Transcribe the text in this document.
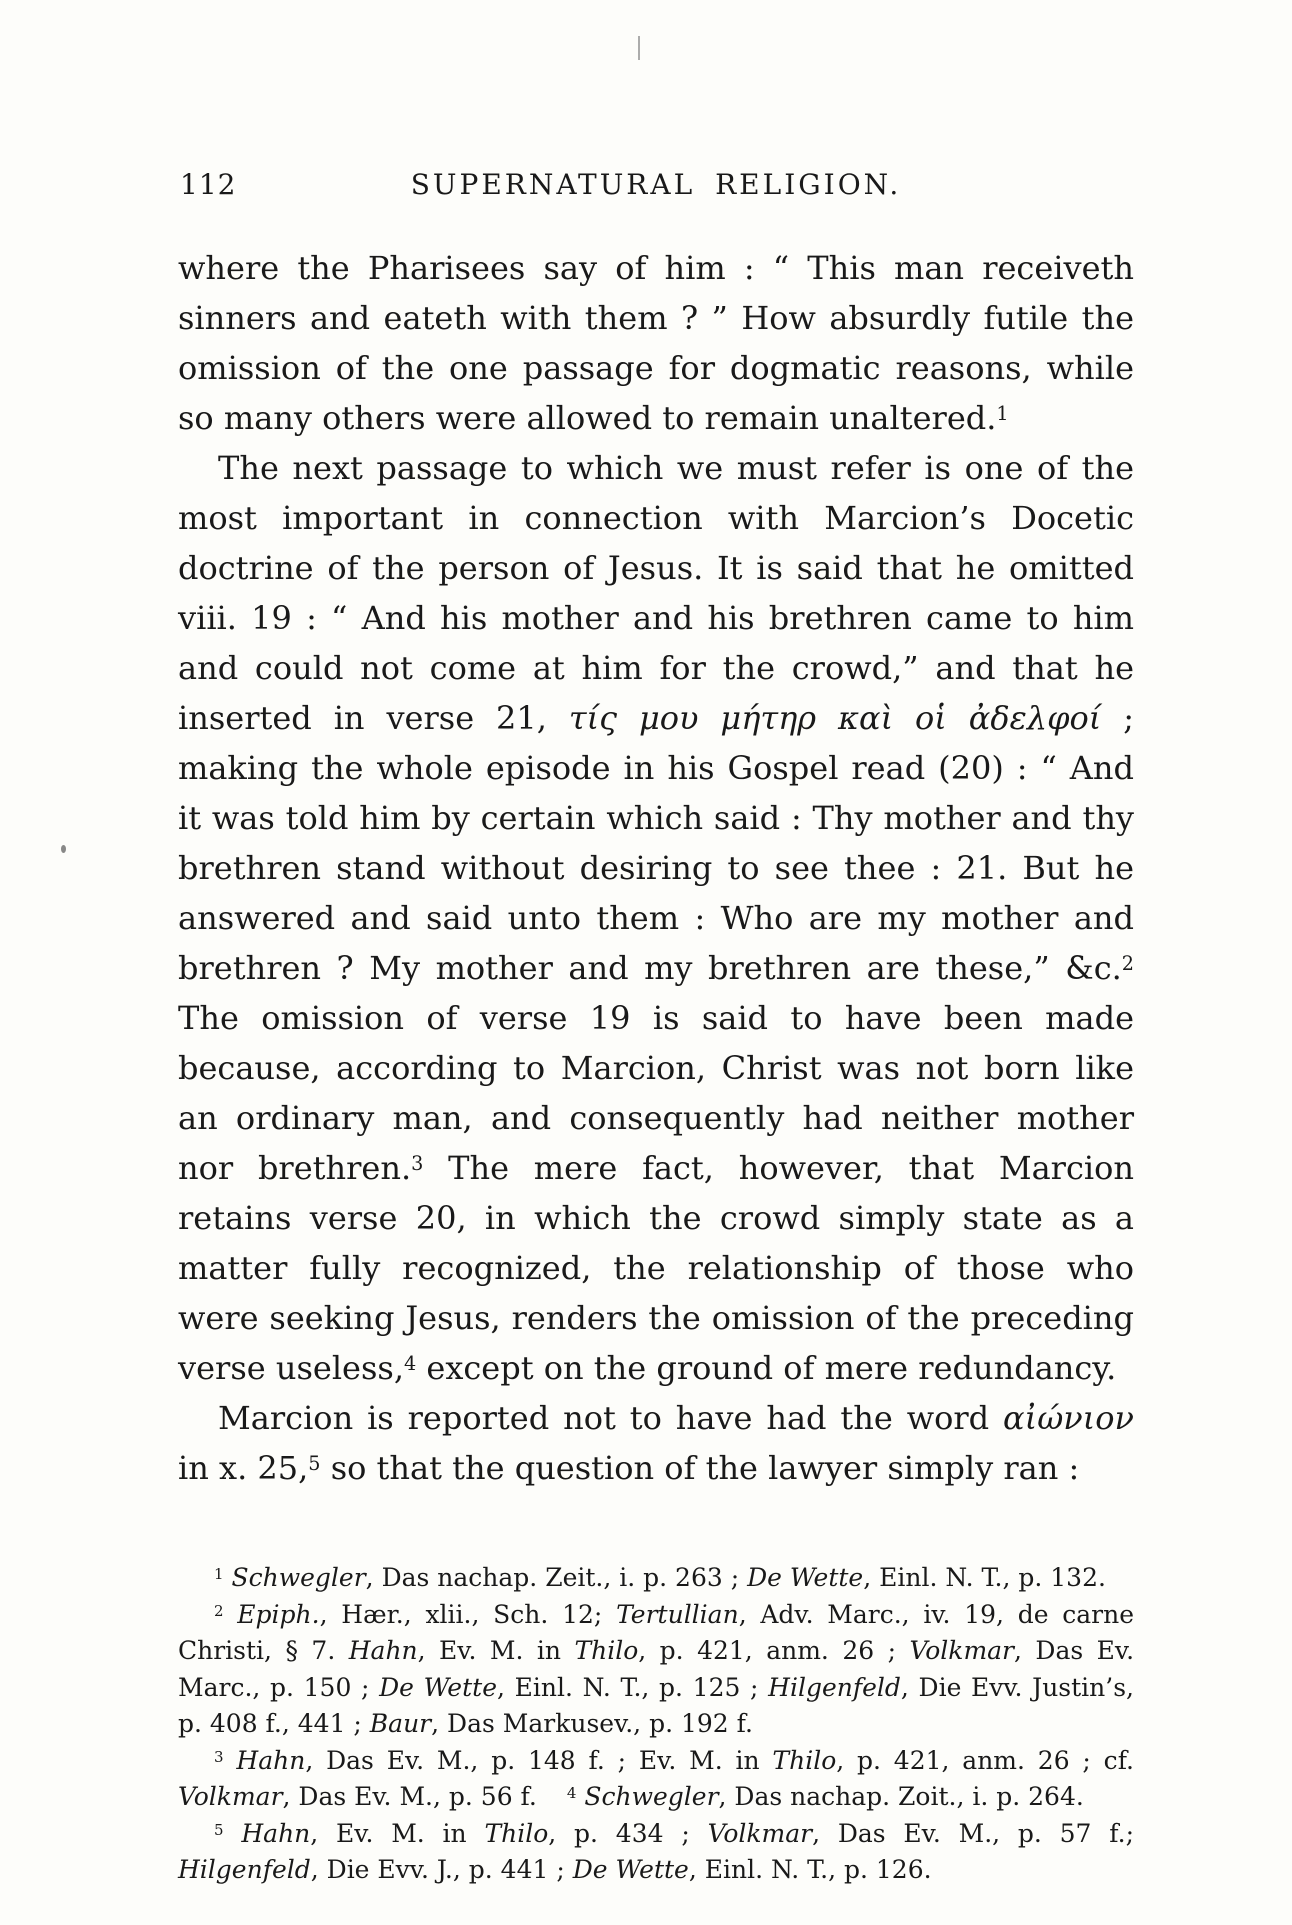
112	SUPERNATURAL RELIGION.

where the Pharisees say of him : “ This man receiveth sinners and eateth with them ? ” How absurdly futile the omission of the one passage for dogmatic reasons, while so many others were allowed to remain unaltered.$^1$

The next passage to which we must refer is one of the most important in connection with Marcion’s Docetic doctrine of the person of Jesus. It is said that he omitted viii. 19 : “ And his mother and his brethren came to him and could not come at him for the crowd,” and that he inserted in verse 21, τίς μου μήτηρ καὶ οἱ ἀδελφοί ; making the whole episode in his Gospel read (20) : “ And it was told him by certain which said : Thy mother and thy brethren stand without desiring to see thee : 21. But he answered and said unto them : Who are my mother and brethren ? My mother and my brethren are these,” &c.$^2$ The omission of verse 19 is said to have been made because, according to Marcion, Christ was not born like an ordinary man, and consequently had neither mother nor brethren.$^3$ The mere fact, however, that Marcion retains verse 20, in which the crowd simply state as a matter fully recognized, the relationship of those who were seeking Jesus, renders the omission of the preceding verse useless,$^4$ except on the ground of mere redundancy.

Marcion is reported not to have had the word αἰώνιον in x. 25,$^5$ so that the question of the lawyer simply ran :

$^1$ Schwegler, Das nachap. Zeit., i. p. 263 ; De Wette, Einl. N. T., p. 132.

$^2$ Epiph., Hær., xlii., Sch. 12; Tertullian, Adv. Marc., iv. 19, de carne Christi, § 7. Hahn, Ev. M. in Thilo, p. 421, anm. 26 ; Volkmar, Das Ev. Marc., p. 150 ; De Wette, Einl. N. T., p. 125 ; Hilgenfeld, Die Evv. Justin’s, p. 408 f., 441 ; Baur, Das Markusev., p. 192 f.

$^3$ Hahn, Das Ev. M., p. 148 f. ; Ev. M. in Thilo, p. 421, anm. 26 ; cf. Volkmar, Das Ev. M., p. 56 f. $^4$ Schwegler, Das nachap. Zoit., i. p. 264.

$^5$ Hahn, Ev. M. in Thilo, p. 434 ; Volkmar, Das Ev. M., p. 57 f.; Hilgenfeld, Die Evv. J., p. 441 ; De Wette, Einl. N. T., p. 126.
